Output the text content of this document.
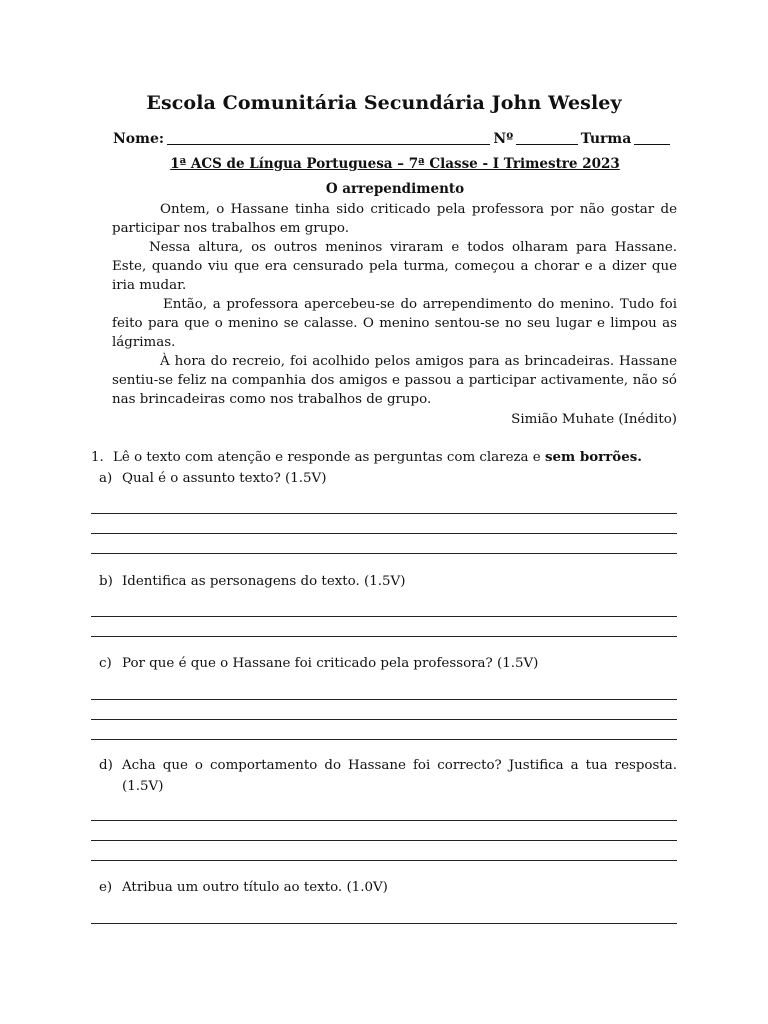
Escola Comunitária Secundária John Wesley
Nome:	Nº	Turma
1ª ACS de Língua Portuguesa – 7ª Classe - I Trimestre 2023
O arrependimento

Ontem, o Hassane tinha sido criticado pela professora por não gostar de participar nos trabalhos em grupo.

Nessa altura, os outros meninos viraram e todos olharam para Hassane. Este, quando viu que era censurado pela turma, começou a chorar e a dizer que iria mudar.

Então, a professora apercebeu-se do arrependimento do menino. Tudo foi feito para que o menino se calasse. O menino sentou-se no seu lugar e limpou as lágrimas.

À hora do recreio, foi acolhido pelos amigos para as brincadeiras. Hassane sentiu-se feliz na companhia dos amigos e passou a participar activamente, não só nas brincadeiras como nos trabalhos de grupo.

Simião Muhate (Inédito)

1. Lê o texto com atenção e responde as perguntas com clareza e sem borrões.
a) Qual é o assunto texto? (1.5V)
b) Identifica as personagens do texto. (1.5V)
c) Por que é que o Hassane foi criticado pela professora? (1.5V)
d) Acha que o comportamento do Hassane foi correcto? Justifica a tua resposta. (1.5V)
e) Atribua um outro título ao texto. (1.0V)
